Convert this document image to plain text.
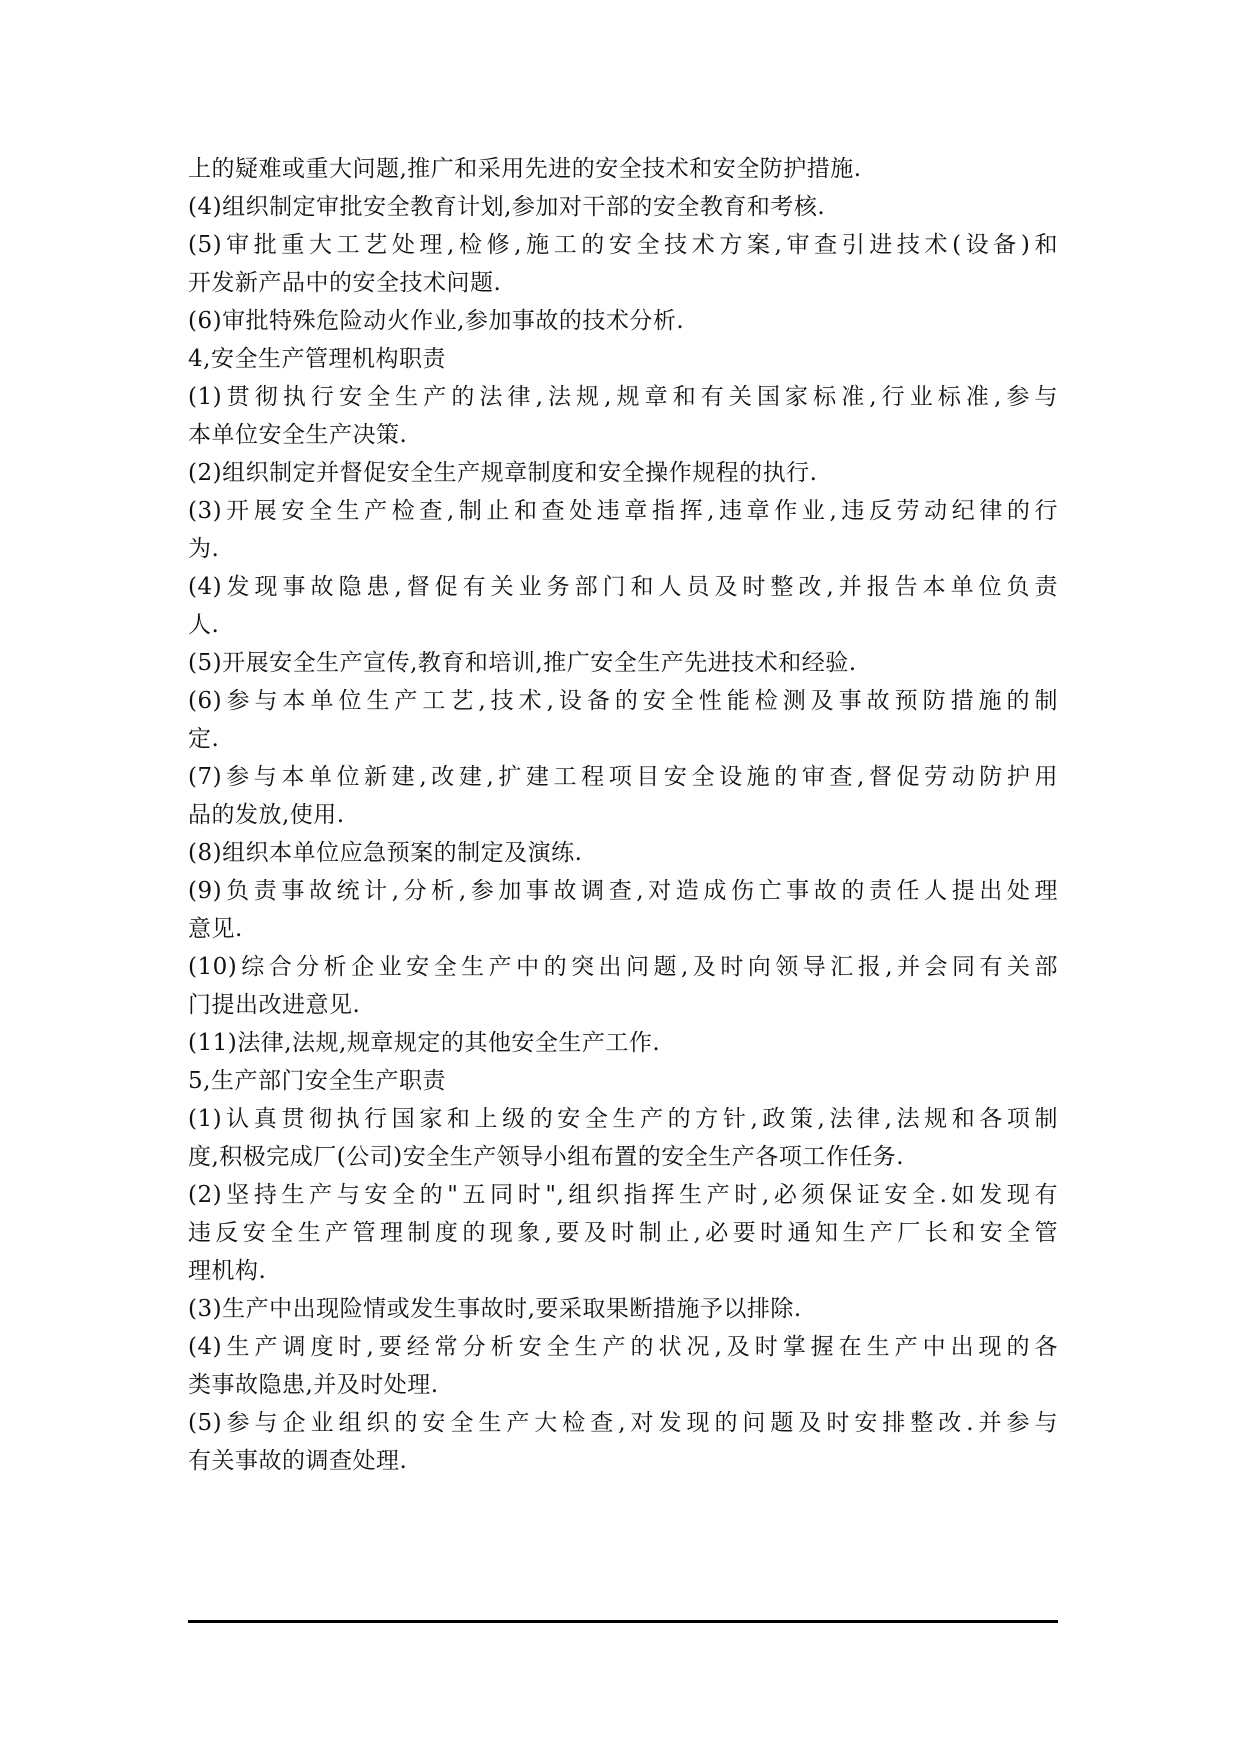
上的疑难或重大问题,推广和采用先进的安全技术和安全防护措施.
(4)组织制定审批安全教育计划,参加对干部的安全教育和考核.
(5)审批重大工艺处理,检修,施工的安全技术方案,审查引进技术(设备)和
开发新产品中的安全技术问题.
(6)审批特殊危险动火作业,参加事故的技术分析.
4,安全生产管理机构职责
(1)贯彻执行安全生产的法律,法规,规章和有关国家标准,行业标准,参与
本单位安全生产决策.
(2)组织制定并督促安全生产规章制度和安全操作规程的执行.
(3)开展安全生产检查,制止和查处违章指挥,违章作业,违反劳动纪律的行
为.
(4)发现事故隐患,督促有关业务部门和人员及时整改,并报告本单位负责
人.
(5)开展安全生产宣传,教育和培训,推广安全生产先进技术和经验.
(6)参与本单位生产工艺,技术,设备的安全性能检测及事故预防措施的制
定.
(7)参与本单位新建,改建,扩建工程项目安全设施的审查,督促劳动防护用
品的发放,使用.
(8)组织本单位应急预案的制定及演练.
(9)负责事故统计,分析,参加事故调查,对造成伤亡事故的责任人提出处理
意见.
(10)综合分析企业安全生产中的突出问题,及时向领导汇报,并会同有关部
门提出改进意见.
(11)法律,法规,规章规定的其他安全生产工作.
5,生产部门安全生产职责
(1)认真贯彻执行国家和上级的安全生产的方针,政策,法律,法规和各项制
度,积极完成厂(公司)安全生产领导小组布置的安全生产各项工作任务.
(2)坚持生产与安全的"五同时",组织指挥生产时,必须保证安全.如发现有
违反安全生产管理制度的现象,要及时制止,必要时通知生产厂长和安全管
理机构.
(3)生产中出现险情或发生事故时,要采取果断措施予以排除.
(4)生产调度时,要经常分析安全生产的状况,及时掌握在生产中出现的各
类事故隐患,并及时处理.
(5)参与企业组织的安全生产大检查,对发现的问题及时安排整改.并参与
有关事故的调查处理.
